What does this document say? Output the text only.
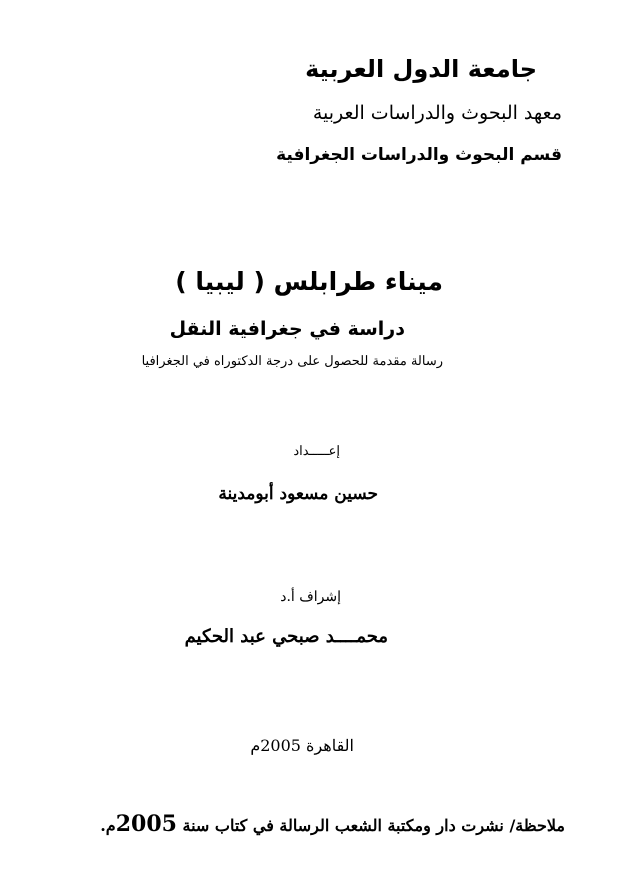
جامعة الدول العربية
معهد البحوث والدراسات العربية
قسم البحوث والدراسات الجغرافية
ميناء طرابلس ( ليبيا )
دراسة في جغرافية النقل
رسالة مقدمة للحصول على درجة الدكتوراه في الجغرافيا
إعـــــداد
حسين مسعود أبومدينة
إشراف أ.د
محمــــد صبحي عبد الحكيم
القاهرة 2005م
ملاحظة/ نشرت دار ومكتبة الشعب الرسالة في كتاب سنة 2005م.
